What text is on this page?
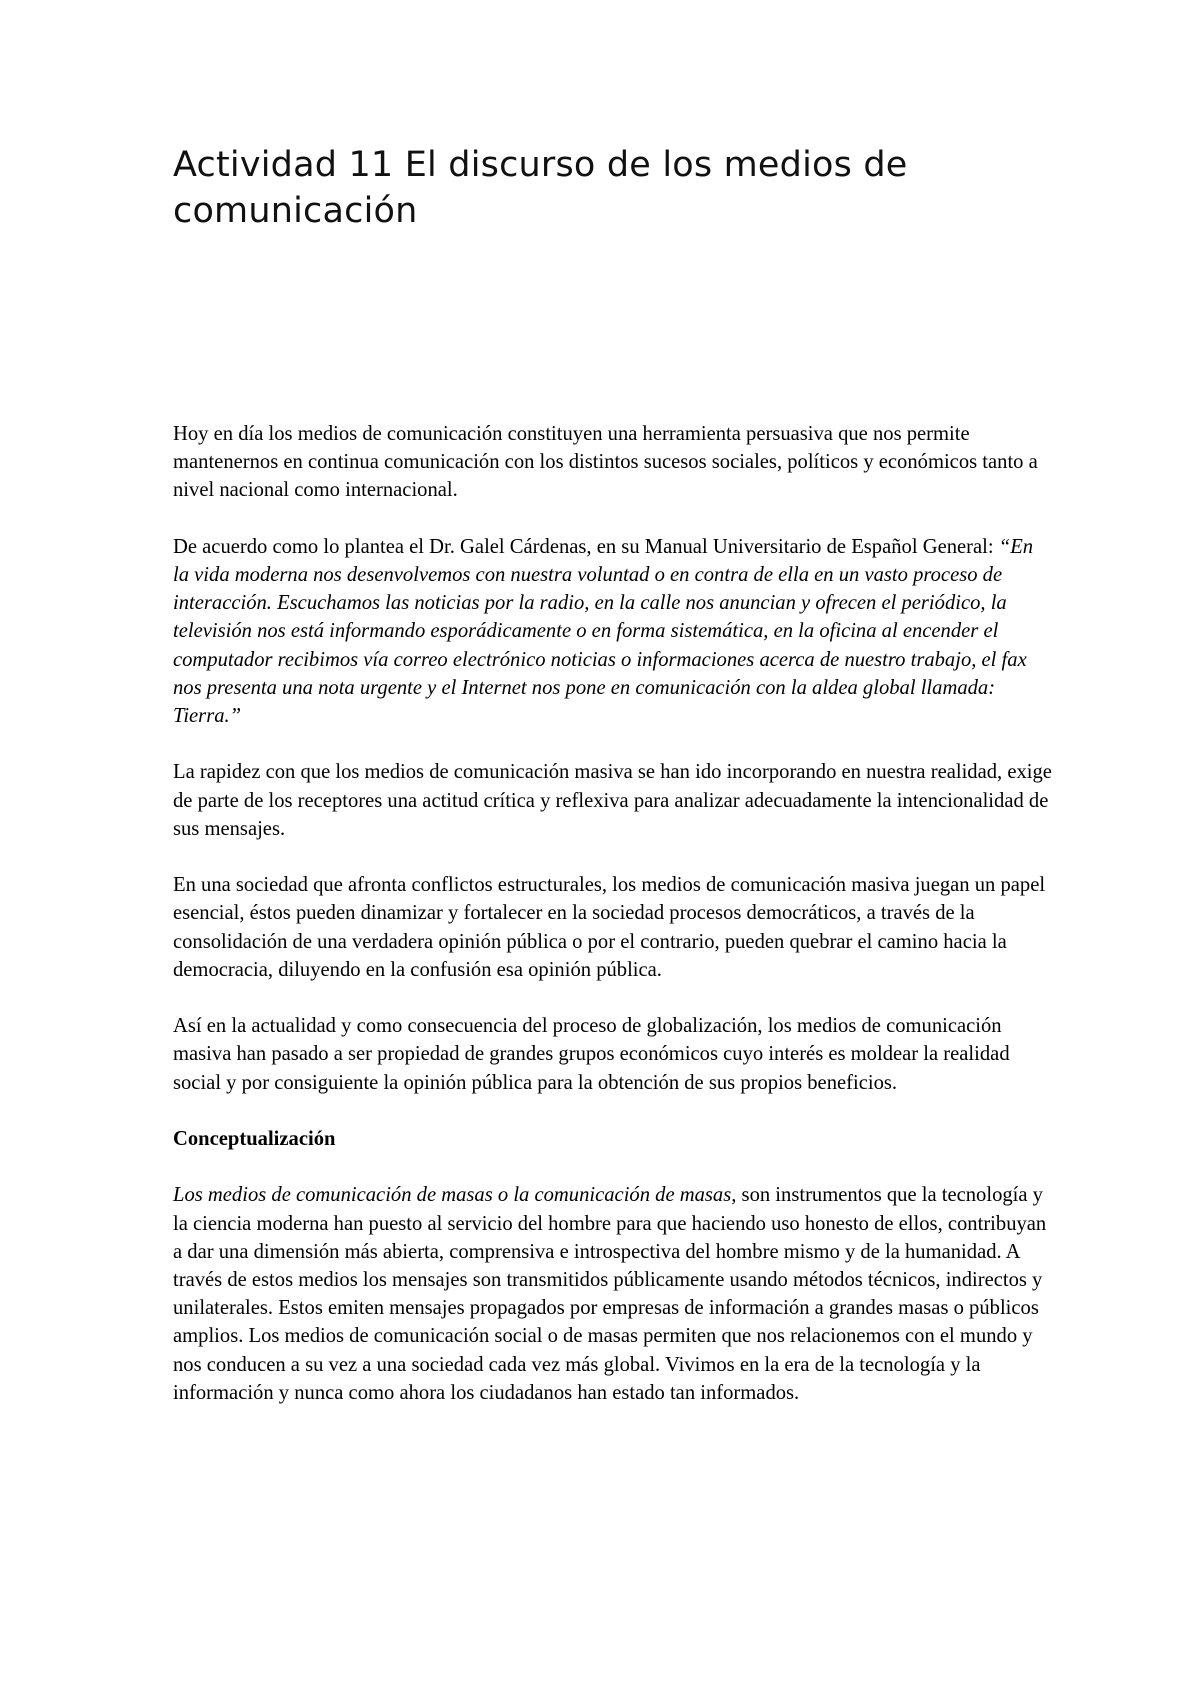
Actividad 11 El discurso de los medios de comunicación

Hoy en día los medios de comunicación constituyen una herramienta persuasiva que nos permite mantenernos en continua comunicación con los distintos sucesos sociales, políticos y económicos tanto a nivel nacional como internacional.

De acuerdo como lo plantea el Dr. Galel Cárdenas, en su Manual Universitario de Español General: “En la vida moderna nos desenvolvemos con nuestra voluntad o en contra de ella en un vasto proceso de interacción. Escuchamos las noticias por la radio, en la calle nos anuncian y ofrecen el periódico, la televisión nos está informando esporádicamente o en forma sistemática, en la oficina al encender el computador recibimos vía correo electrónico noticias o informaciones acerca de nuestro trabajo, el fax nos presenta una nota urgente y el Internet nos pone en comunicación con la aldea global llamada: Tierra.”

La rapidez con que los medios de comunicación masiva se han ido incorporando en nuestra realidad, exige de parte de los receptores una actitud crítica y reflexiva para analizar adecuadamente la intencionalidad de sus mensajes.

En una sociedad que afronta conflictos estructurales, los medios de comunicación masiva juegan un papel esencial, éstos pueden dinamizar y fortalecer en la sociedad procesos democráticos, a través de la consolidación de una verdadera opinión pública o por el contrario, pueden quebrar el camino hacia la democracia, diluyendo en la confusión esa opinión pública.

Así en la actualidad y como consecuencia del proceso de globalización, los medios de comunicación masiva han pasado a ser propiedad de grandes grupos económicos cuyo interés es moldear la realidad social y por consiguiente la opinión pública para la obtención de sus propios beneficios.

Conceptualización

Los medios de comunicación de masas o la comunicación de masas, son instrumentos que la tecnología y la ciencia moderna han puesto al servicio del hombre para que haciendo uso honesto de ellos, contribuyan a dar una dimensión más abierta, comprensiva e introspectiva del hombre mismo y de la humanidad. A través de estos medios los mensajes son transmitidos públicamente usando métodos técnicos, indirectos y unilaterales. Estos emiten mensajes propagados por empresas de información a grandes masas o públicos amplios. Los medios de comunicación social o de masas permiten que nos relacionemos con el mundo y nos conducen a su vez a una sociedad cada vez más global. Vivimos en la era de la tecnología y la información y nunca como ahora los ciudadanos han estado tan informados.
